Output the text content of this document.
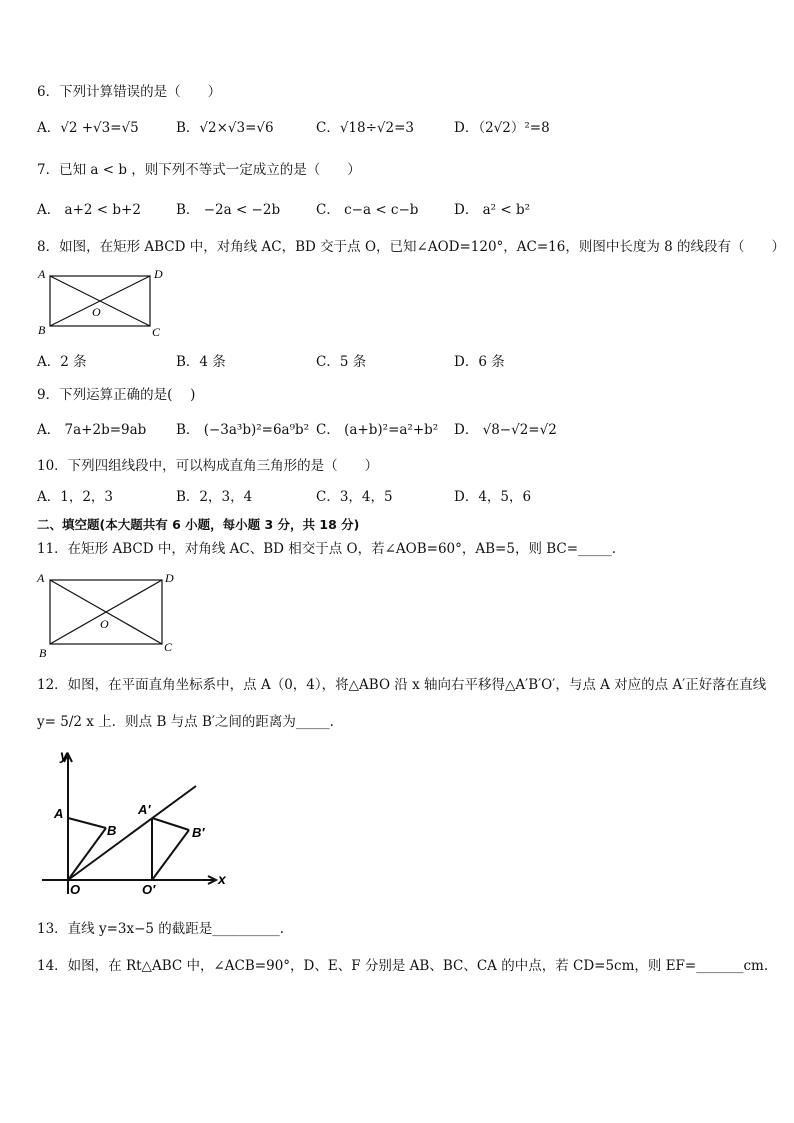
6．下列计算错误的是（　　）
A．√2 +√3=√5	B．√2×√3=√6	C．√18÷√2=3	D．（2√2）²=8
7．已知 a < b ，则下列不等式一定成立的是（　　）
A． a+2 < b+2	B． −2a < −2b	C． c−a < c−b	D． a² < b²
8．如图，在矩形 ABCD 中，对角线 AC，BD 交于点 O，已知∠AOD=120°，AC=16，则图中长度为 8 的线段有（　　）
A	D
B	C
O
A．2 条	B．4 条	C．5 条	D．6 条
9．下列运算正确的是(　 )
A． 7a+2b=9ab B． (−3a³b)²=6a⁹b² C． (a+b)²=a²+b² D． √8−√2=√2
10．下列四组线段中，可以构成直角三角形的是（　　）
A．1，2，3	B．2，3，4	C．3，4，5	D．4，5，6
二、填空题(本大题共有 6 小题，每小题 3 分，共 18 分)
11．在矩形 ABCD 中，对角线 AC、BD 相交于点 O，若∠AOB=60°，AB=5，则 BC=_____.
A	D
B	C
O
12．如图，在平面直角坐标系中，点 A（0，4），将△ABO 沿 x 轴向右平移得△A′B′O′，与点 A 对应的点 A′正好落在直线
y= 5/2 x 上．则点 B 与点 B′之间的距离为_____.
y
x
A
B
A′
B′
O	O′
13．直线 y=3x−5 的截距是__________.
14．如图，在 Rt△ABC 中，∠ACB=90°，D、E、F 分别是 AB、BC、CA 的中点，若 CD=5cm，则 EF=_______cm.
